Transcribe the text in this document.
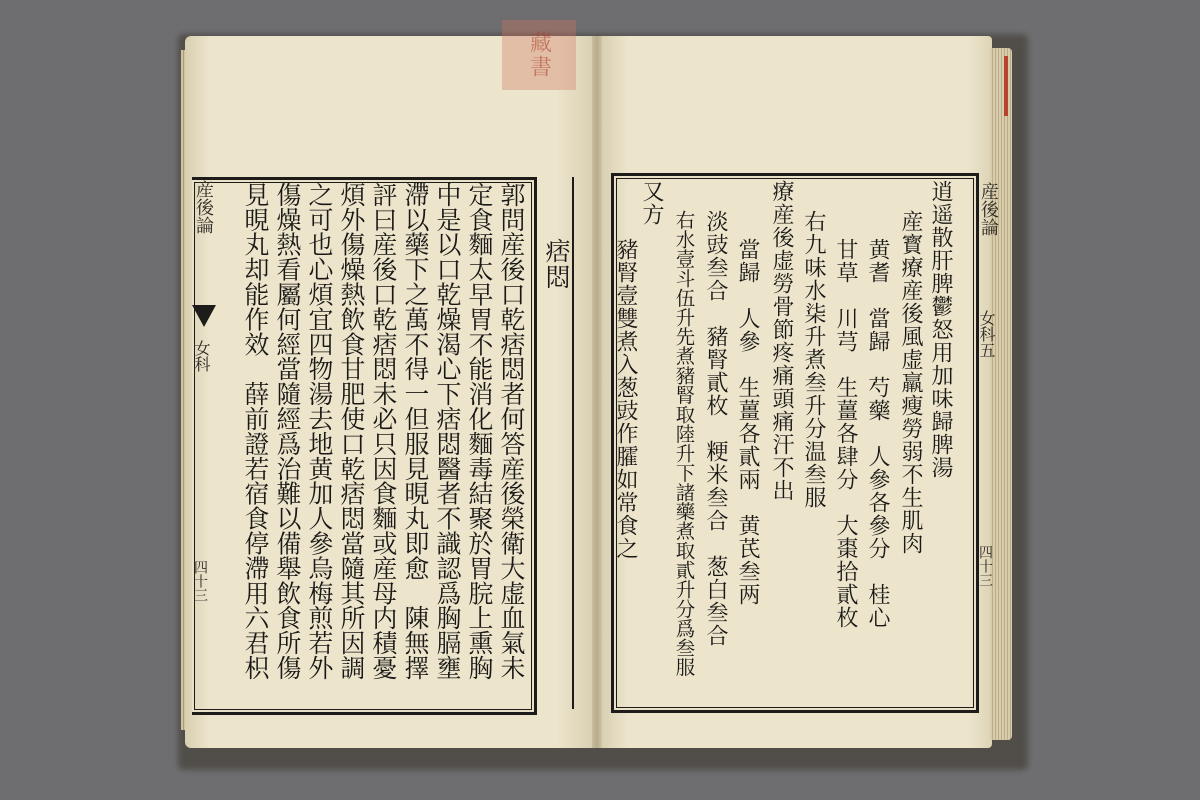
藏書
産後論
女科
四十三
痞悶
郭問産後口乾痞悶者何答産後榮衛大虚血氣未
定食麵太早胃不能消化麵毒結聚於胃脘上熏胸
中是以口乾燥渴心下痞悶醫者不識認爲胸膈壅
滯以藥下之萬不得一但服見晛丸即愈　陳無擇
評曰産後口乾痞悶未必只因食麵或産母内積憂
煩外傷燥熱飲食甘肥使口乾痞悶當隨其所因調
之可也心煩宜四物湯去地黄加人參烏梅煎若外
傷燥熱看屬何經當隨經爲治難以備舉飲食所傷
見晛丸却能作效　薛前證若宿食停滯用六君枳	産後論
女科五
四十三
逍遥散肝脾鬱怒用加味歸脾湯
産寳療産後風虚羸瘦勞弱不生肌肉
黄耆　當歸　芍藥　人參各參分　桂心
甘草　川芎　生薑各肆分　大棗拾貳枚
右九味水柒升煮叁升分温叁服
療産後虚勞骨節疼痛頭痛汗不出
當歸　人參　生薑各貳兩　黄芪叁两
淡豉叁合　豬腎貳枚　粳米叁合　葱白叁合
右水壹斗伍升先煮豬腎取陸升下諸藥煮取貳升分爲叁服
又方
豬腎壹雙煮入葱豉作臛如常食之
